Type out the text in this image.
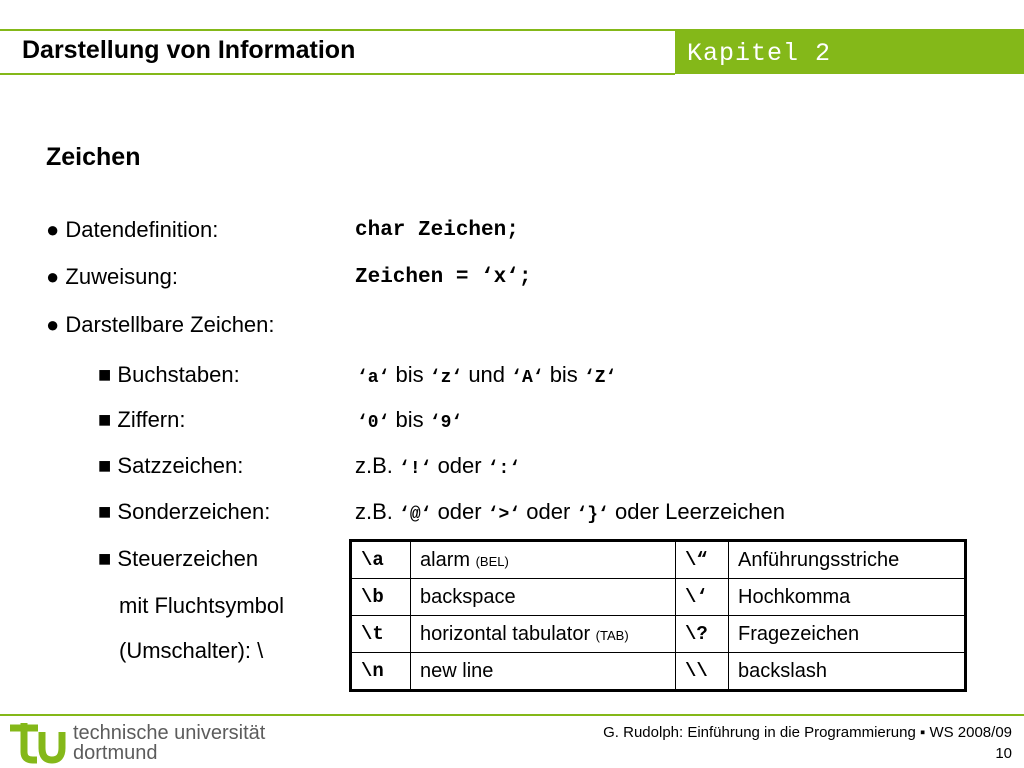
Darstellung von Information	Kapitel 2
Zeichen
● Datendefinition:	char Zeichen;
● Zuweisung:	Zeichen = ‘x‘;
● Darstellbare Zeichen:
■ Buchstaben:	‘a‘ bis ‘z‘ und ‘A‘ bis ‘Z‘
■ Ziffern:	‘0‘ bis ‘9‘
■ Satzzeichen:	z.B. ‘!‘ oder ‘:‘
■ Sonderzeichen:	z.B. ‘@‘ oder ‘>‘ oder ‘}‘ oder Leerzeichen
■ Steuerzeichen
mit Fluchtsymbol
(Umschalter): \
\a	alarm (BEL)	\“	Anführungsstriche
\b	backspace	\‘	Hochkomma
\t	horizontal tabulator (TAB)	\?	Fragezeichen
\n	new line	\\	backslash
technische universität
dortmund
G. Rudolph: Einführung in die Programmierung ▪ WS 2008/09
10
